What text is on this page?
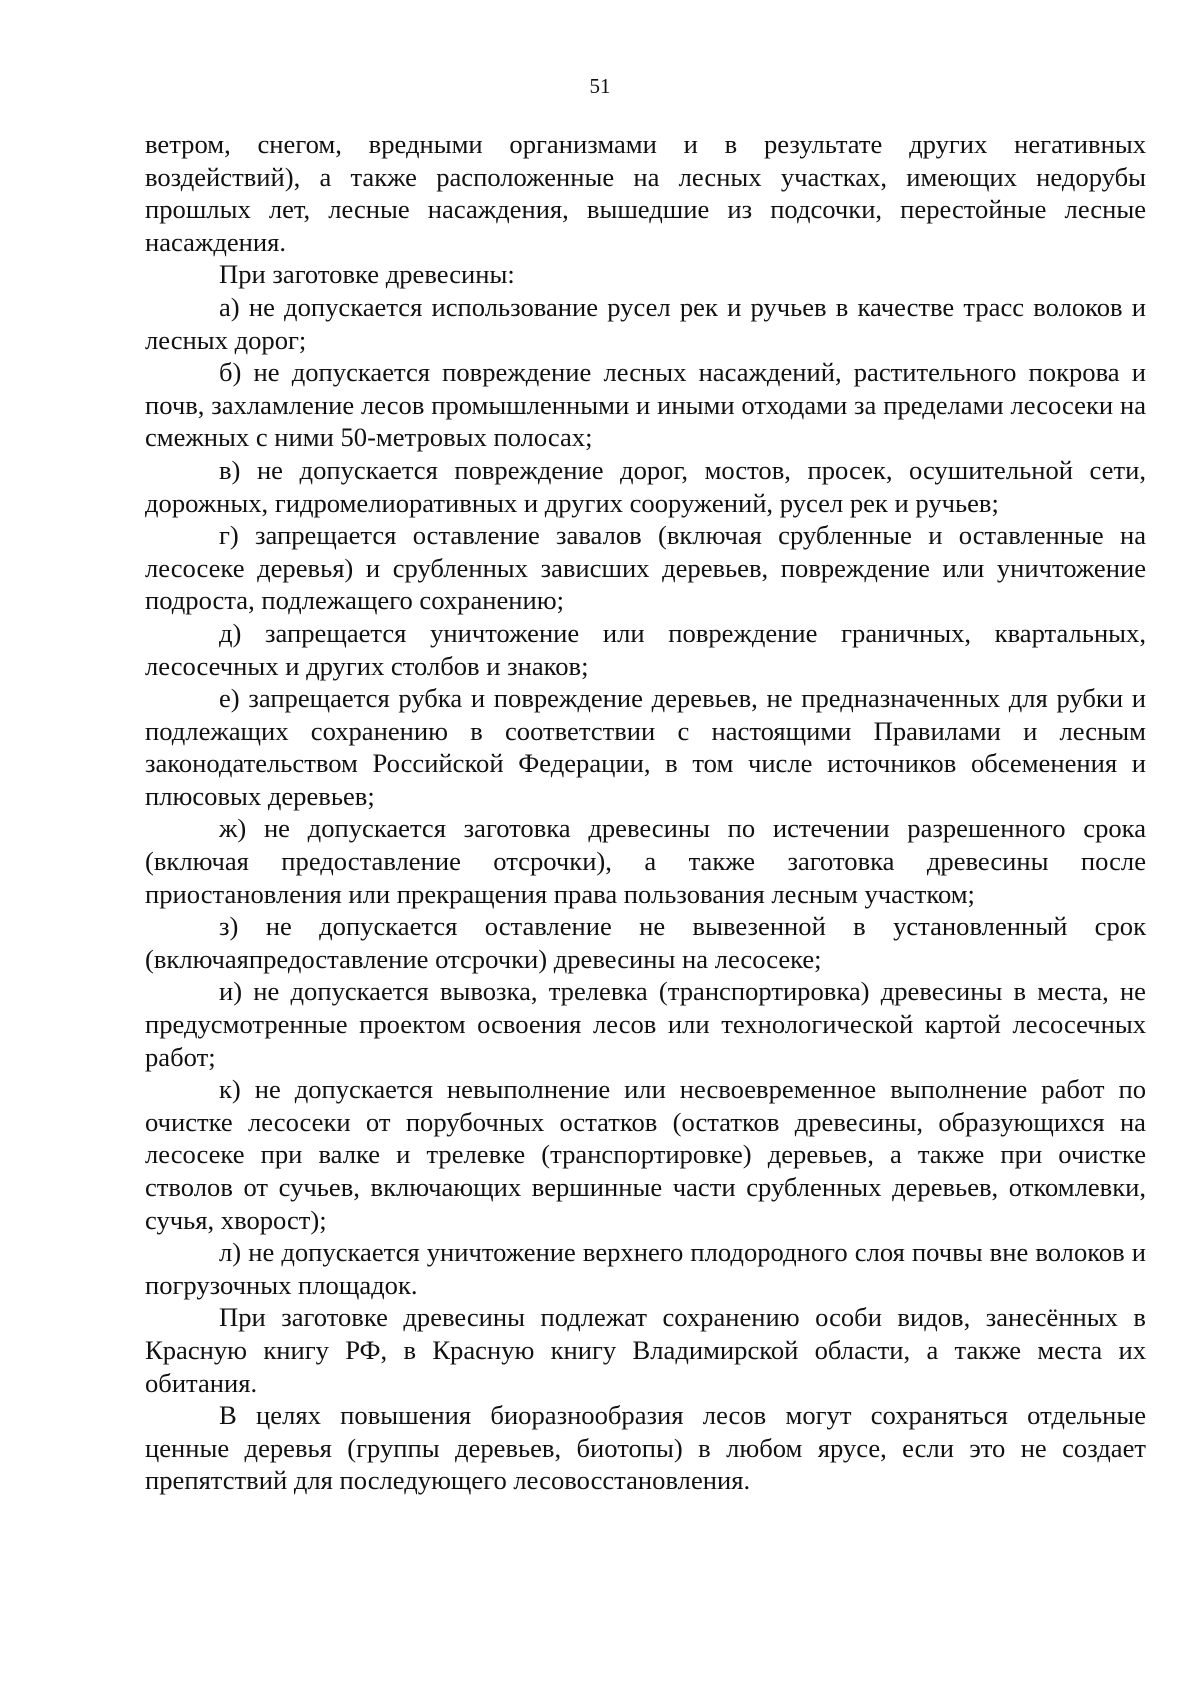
51

ветром, снегом, вредными организмами и в результате других негативных воздействий), а также расположенные на лесных участках, имеющих недорубы прошлых лет, лесные насаждения, вышедшие из подсочки, перестойные лесные насаждения.

При заготовке древесины:

а) не допускается использование русел рек и ручьев в качестве трасс волоков и лесных дорог;

б) не допускается повреждение лесных насаждений, растительного покрова и почв, захламление лесов промышленными и иными отходами за пределами лесосеки на смежных с ними 50-метровых полосах;

в) не допускается повреждение дорог, мостов, просек, осушительной сети, дорожных, гидромелиоративных и других сооружений, русел рек и ручьев;

г) запрещается оставление завалов (включая срубленные и оставленные на лесосеке деревья) и срубленных зависших деревьев, повреждение или уничтожение подроста, подлежащего сохранению;

д) запрещается уничтожение или повреждение граничных, квартальных, лесосечных и других столбов и знаков;

е) запрещается рубка и повреждение деревьев, не предназначенных для рубки и подлежащих сохранению в соответствии с настоящими Правилами и лесным законодательством Российской Федерации, в том числе источников обсеменения и плюсовых деревьев;

ж) не допускается заготовка древесины по истечении разрешенного срока (включая предоставление отсрочки), а также заготовка древесины после приостановления или прекращения права пользования лесным участком;

з) не допускается оставление не вывезенной в установленный срок (включаяпредоставление отсрочки) древесины на лесосеке;

и) не допускается вывозка, трелевка (транспортировка) древесины в места, не предусмотренные проектом освоения лесов или технологической картой лесосечных работ;

к) не допускается невыполнение или несвоевременное выполнение работ по очистке лесосеки от порубочных остатков (остатков древесины, образующихся на лесосеке при валке и трелевке (транспортировке) деревьев, а также при очистке стволов от сучьев, включающих вершинные части срубленных деревьев, откомлевки, сучья, хворост);

л) не допускается уничтожение верхнего плодородного слоя почвы вне волоков и погрузочных площадок.

При заготовке древесины подлежат сохранению особи видов, занесённых в Красную книгу РФ, в Красную книгу Владимирской области, а также места их обитания.

В целях повышения биоразнообразия лесов могут сохраняться отдельные ценные деревья (группы деревьев, биотопы) в любом ярусе, если это не создает препятствий для последующего лесовосстановления.
